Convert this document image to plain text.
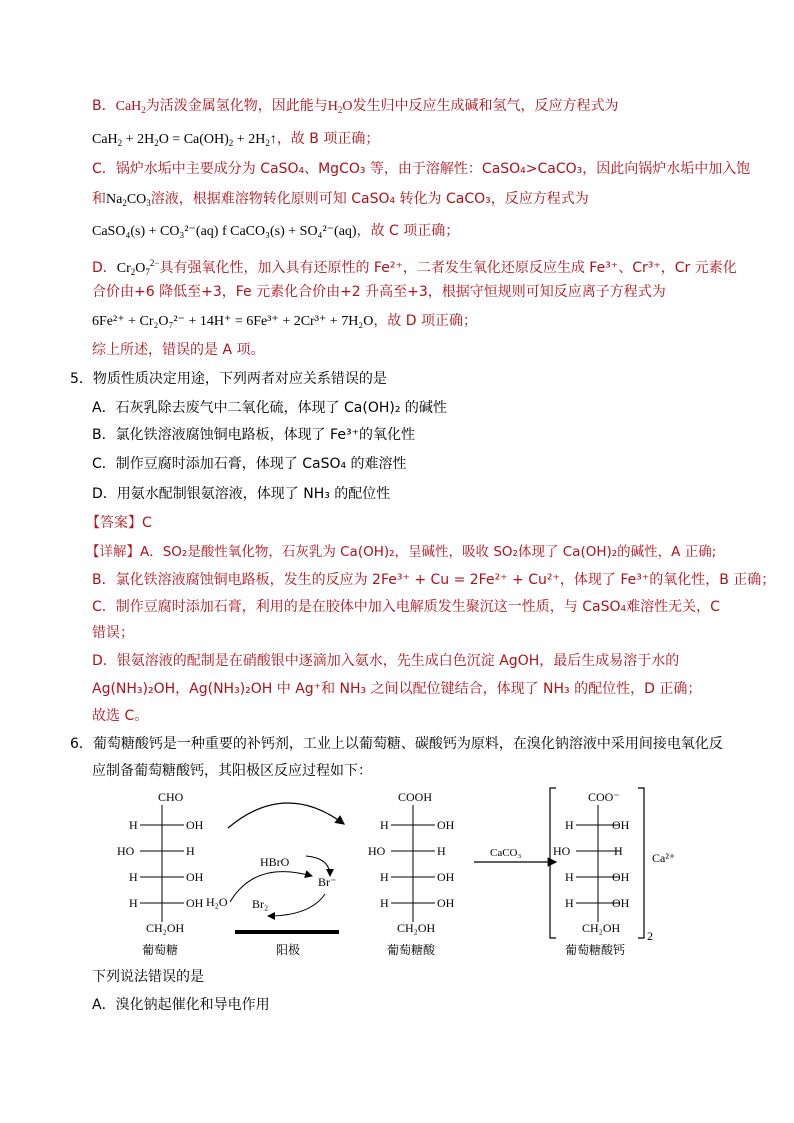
B．CaH$_2$为活泼金属氢化物，因此能与$H_2O$发生归中反应生成碱和氢气，反应方程式为
$CaH_2 + 2H_2O = Ca(OH)_2$ + $2H_2↑$，故 B 项正确；
C．锅炉水垢中主要成分为 CaSO₄、MgCO₃ 等，由于溶解性：CaSO₄>CaCO₃，因此向锅炉水垢中加入饱
和$Na_2CO_3$溶液，根据难溶物转化原则可知 CaSO₄ 转化为 CaCO₃，反应方程式为
CaSO₄(s) + CO₃²⁻(aq) f CaCO₃(s) + SO₄²⁻(aq)，故 C 项正确；
D．$Cr_2O_7^{2-}$具有强氧化性，加入具有还原性的 Fe²⁺，二者发生氧化还原反应生成 Fe³⁺、Cr³⁺，Cr 元素化
合价由+6 降低至+3，Fe 元素化合价由+2 升高至+3，根据守恒规则可知反应离子方程式为
6Fe²⁺ + Cr₂O₇²⁻ + 14H⁺ = 6Fe³⁺ + 2Cr³⁺ + 7H₂O，故 D 项正确；
综上所述，错误的是 A 项。
5．物质性质决定用途，下列两者对应关系错误的是
A．石灰乳除去废气中二氧化硫，体现了 Ca(OH)₂ 的碱性
B．氯化铁溶液腐蚀铜电路板，体现了 Fe³⁺的氧化性
C．制作豆腐时添加石膏，体现了 CaSO₄ 的难溶性
D．用氨水配制银氨溶液，体现了 NH₃ 的配位性
【答案】C
【详解】A．SO₂是酸性氧化物，石灰乳为 Ca(OH)₂，呈碱性，吸收 SO₂体现了 Ca(OH)₂的碱性，A 正确;
B．氯化铁溶液腐蚀铜电路板，发生的反应为 2Fe³⁺ + Cu = 2Fe²⁺ + Cu²⁺，体现了 Fe³⁺的氧化性，B 正确；
C．制作豆腐时添加石膏，利用的是在胶体中加入电解质发生聚沉这一性质，与 CaSO₄难溶性无关，C
错误；
D．银氨溶液的配制是在硝酸银中逐滴加入氨水，先生成白色沉淀 AgOH，最后生成易溶于水的
Ag(NH₃)₂OH，Ag(NH₃)₂OH 中 Ag⁺和 NH₃ 之间以配位键结合，体现了 NH₃ 的配位性，D 正确；
故选 C。
6．葡萄糖酸钙是一种重要的补钙剂，工业上以葡萄糖、碳酸钙为原料，在溴化钠溶液中采用间接电氧化反
应制备葡萄糖酸钙，其阳极区反应过程如下：
CHO
H	OH
HO	H
H	OH
H	OH
CH₂OH
葡萄糖
HBrO
Br⁻
H₂O Br₂
阳极
COOH
H	OH
HO	H
H	OH
H	OH
CH₂OH
葡萄糖酸
CaCO₃
COO⁻
H	OH
HO	H
H	OH
H	OH
CH₂OH
2
Ca²⁺
葡萄糖酸钙
下列说法错误的是
A．溴化钠起催化和导电作用
